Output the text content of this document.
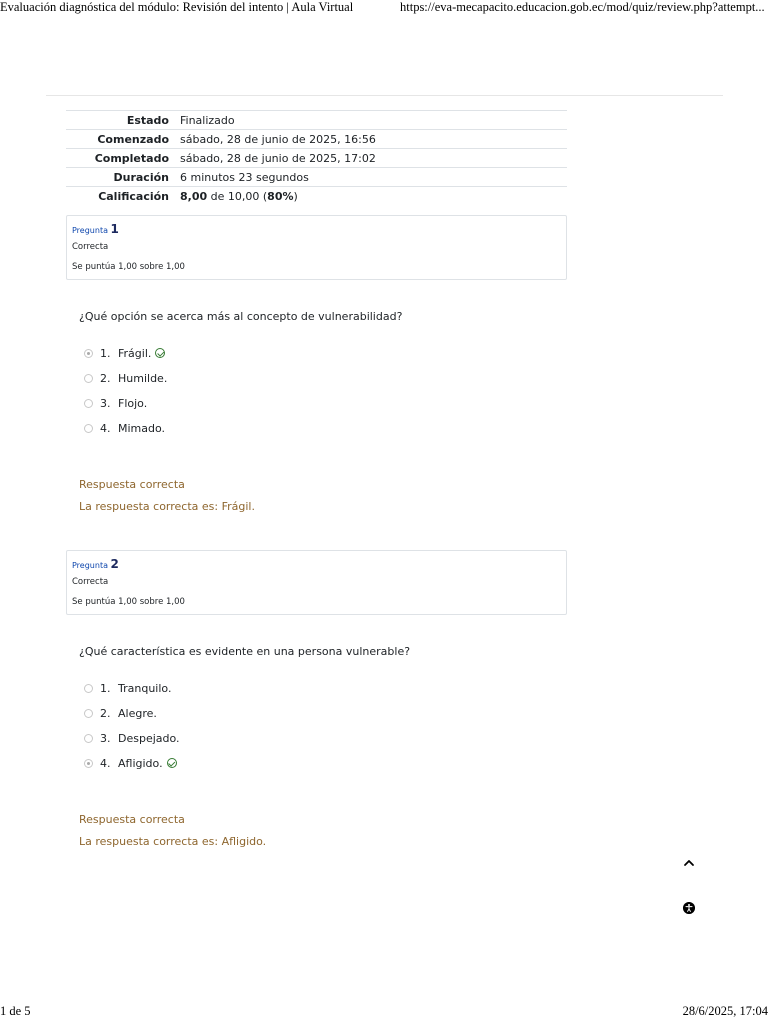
Evaluación diagnóstica del módulo: Revisión del intento | Aula Virtual	https://eva-mecapacito.educacion.gob.ec/mod/quiz/review.php?attempt...
Estado	Finalizado
Comenzado	sábado, 28 de junio de 2025, 16:56
Completado	sábado, 28 de junio de 2025, 17:02
Duración	6 minutos 23 segundos
Calificación	8,00 de 10,00 (80%)
Pregunta 1
Correcta
Se puntúa 1,00 sobre 1,00
¿Qué opción se acerca más al concepto de vulnerabilidad?
1. Frágil.
2. Humilde.
3. Flojo.
4. Mimado.
Respuesta correcta
La respuesta correcta es: Frágil.
Pregunta 2
Correcta
Se puntúa 1,00 sobre 1,00
¿Qué característica es evidente en una persona vulnerable?
1. Tranquilo.
2. Alegre.
3. Despejado.
4. Afligido.
Respuesta correcta
La respuesta correcta es: Afligido.
1 de 5	28/6/2025, 17:04
